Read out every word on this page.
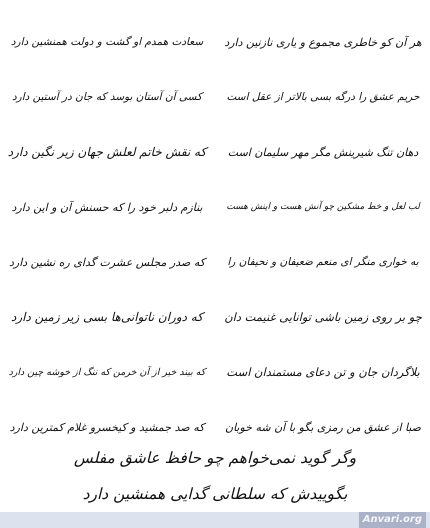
هر آن کو خاطری مجموع و یاری نازنین دارد
سعادت همدم او گشت و دولت همنشین دارد
حریم عشق را درگه بسی بالاتر از عقل است
کسی آن آستان بوسد که جان در آستین دارد
دهان تنگ شیرینش مگر مهر سلیمان است
که نقش خاتم لعلش جهان زیر نگین دارد
لب لعل و خط مشکین چو آنش هست و اینش هست
بنازم دلبر خود را که حسنش آن و این دارد
به خواری منگر ای منعم ضعیفان و نحیفان را
که صدر مجلس عشرت گدای ره نشین دارد
چو بر روی زمین باشی توانایی غنیمت دان
که دوران ناتوانی‌ها بسی زیر زمین دارد
بلاگردان جان و تن دعای مستمندان است
که بیند خیر از آن خرمن که ننگ از خوشه چین دارد
صبا از عشق من رمزی بگو با آن شه خوبان
که صد جمشید و کیخسرو غلام کمترین دارد
وگر گوید نمی‌خواهم چو حافظ عاشق مفلس
بگوییدش که سلطانی گدایی همنشین دارد
Anvari.org
